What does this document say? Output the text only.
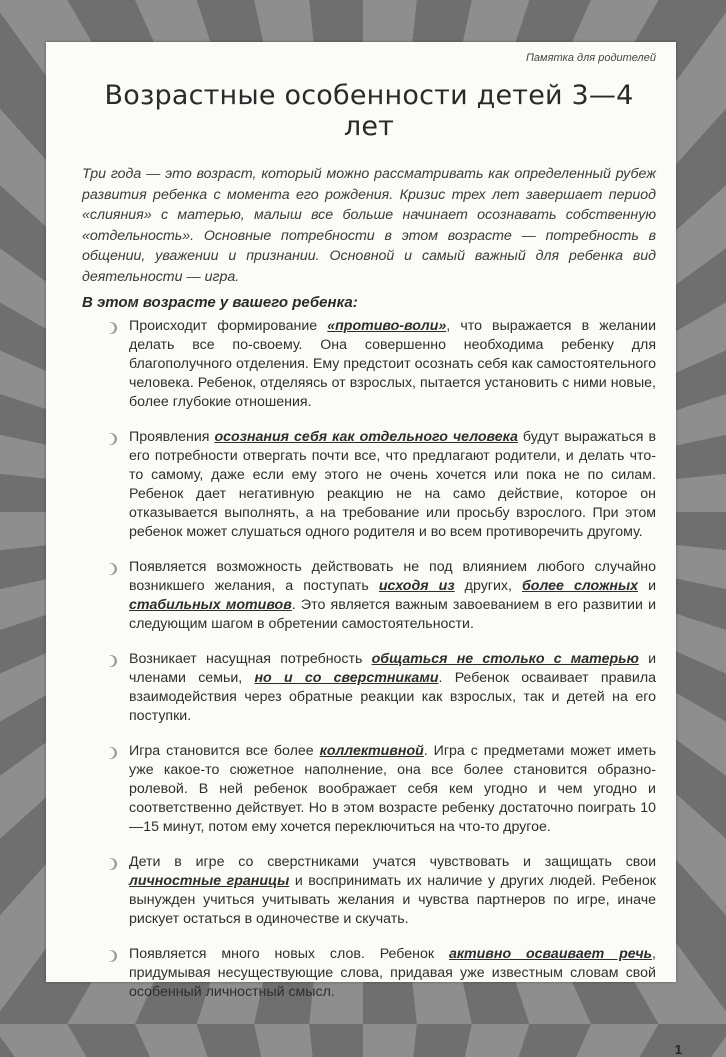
Памятка для родителей
Возрастные особенности детей 3—4 лет

Три года — это возраст, который можно рассматривать как определенный рубеж развития ребенка с момента его рождения. Кризис трех лет завершает период «слияния» с матерью, малыш все больше начинает осознавать собственную «отдельность». Основные потребности в этом возрасте — потребность в общении, уважении и признании. Основной и самый важный для ребенка вид деятельности — игра.

В этом возрасте у вашего ребенка:
Происходит формирование «противо-воли», что выражается в желании делать все по-своему. Она совершенно необходима ребенку для благополучного отделения. Ему предстоит осознать себя как самостоятельного человека. Ребенок, отделяясь от взрослых, пытается установить с ними новые, более глубокие отношения.
Проявления осознания себя как отдельного человека будут выражаться в его потребности отвергать почти все, что предлагают родители, и делать что-то самому, даже если ему этого не очень хочется или пока не по силам. Ребенок дает негативную реакцию не на само действие, которое он отказывается выполнять, а на требование или просьбу взрослого. При этом ребенок может слушаться одного родителя и во всем противоречить другому.
Появляется возможность действовать не под влиянием любого случайно возникшего желания, а поступать исходя из других, более сложных и стабильных мотивов. Это является важным завоеванием в его развитии и следующим шагом в обретении самостоятельности.
Возникает насущная потребность общаться не столько с матерью и членами семьи, но и со сверстниками. Ребенок осваивает правила взаимодействия через обратные реакции как взрослых, так и детей на его поступки.
Игра становится все более коллективной. Игра с предметами может иметь уже какое-то сюжетное наполнение, она все более становится образно-ролевой. В ней ребенок воображает себя кем угодно и чем угодно и соответственно действует. Но в этом возрасте ребенку достаточно поиграть 10—15 минут, потом ему хочется переключиться на что-то другое.
Дети в игре со сверстниками учатся чувствовать и защищать свои личностные границы и воспринимать их наличие у других людей. Ребенок вынужден учиться учитывать желания и чувства партнеров по игре, иначе рискует остаться в одиночестве и скучать.
Появляется много новых слов. Ребенок активно осваивает речь, придумывая несуществующие слова, придавая уже известным словам свой особенный личностный смысл.
1
